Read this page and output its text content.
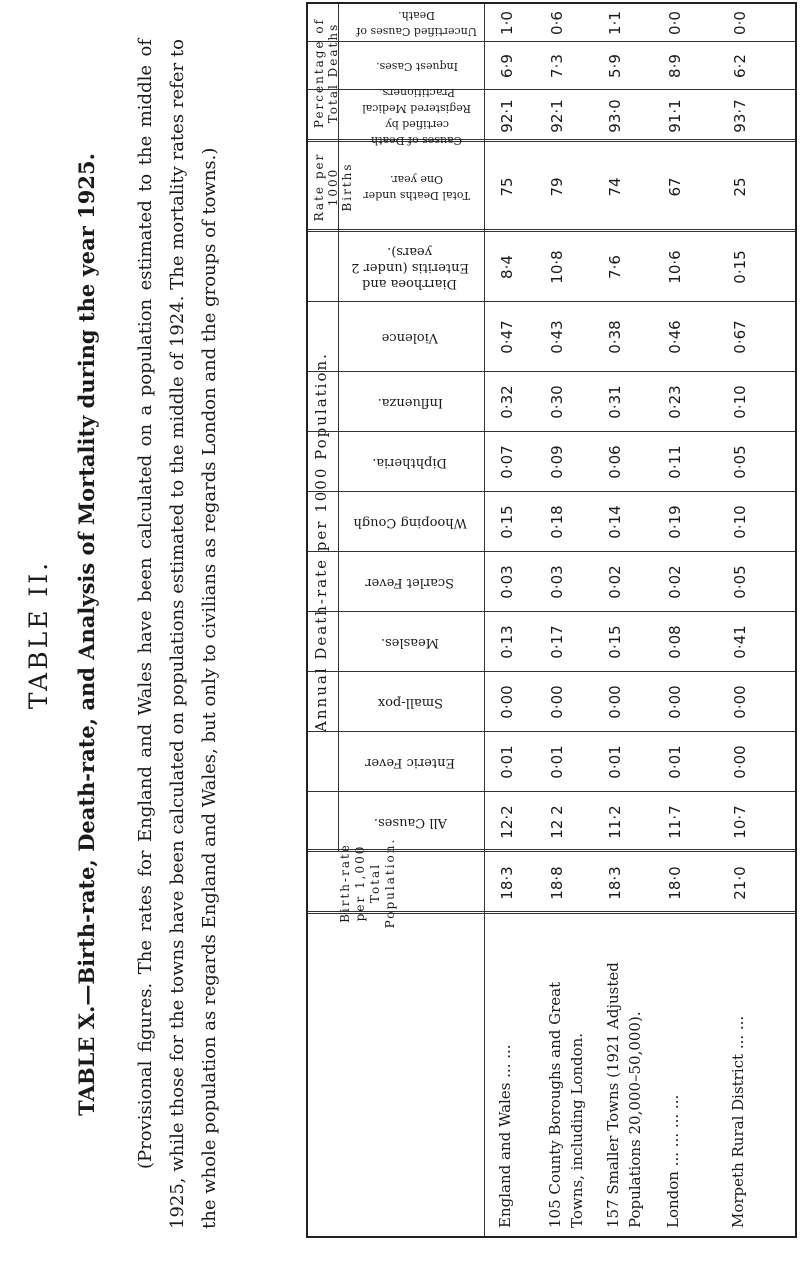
TABLE II. TABLE X.—Birth-rate, Death-rate, and Analysis of Mortality during the year 1925. (Provisional figures. The rates for England and Wales have been calculated on a population estimated to the middle of 1925, while those for the towns have been calculated on populations estimated to the middle of 1924. The mortality rates refer to the whole population as regards England and Wales, but only to civilians as regards London and the groups of towns.)	Birth-rate per 1,000 Total Population.
Annual Death-rate per 1000 Population.
Rate per 1000 Births
Percentage of Total Deaths
All Causes.
Enteric Fever
Small-pox
Measles.
Scarlet Fever
Whooping Cough
Diphtheria.
Influenza.
Violence
Diarrhoea and Enteritis (under 2 years).
Total Deaths under One year.
Causes of Death certified by Registered Medical Practitioners.
Inquest Cases.
Uncertified Causes of Death.
England and Wales ... ...
18·3
12·2
0·01
0·00
0·13
0·03
0·15
0·07
0·32
0·47
8·4
75
92·1
6·9
1·0
105 County Boroughs and Great Towns, including London.
18·8
12 2
0·01
0·00
0·17
0·03
0·18
0·09
0·30
0·43
10·8
79
92·1
7·3
0·6
157 Smaller Towns (1921 Adjusted Populations 20,000–50,000).
18·3
11·2
0·01
0·00
0·15
0·02
0·14
0·06
0·31
0·38
7·6
74
93·0
5·9
1·1
London ... ... ... ...
18·0
11·7
0·01
0·00
0·08
0·02
0·19
0·11
0·23
0·46
10·6
67
91·1
8·9
0·0
Morpeth Rural District ... ...
21·0
10·7
0·00
0·00
0·41
0·05
0·10
0·05
0·10
0·67
0·15
25
93·7
6·2
0·0
